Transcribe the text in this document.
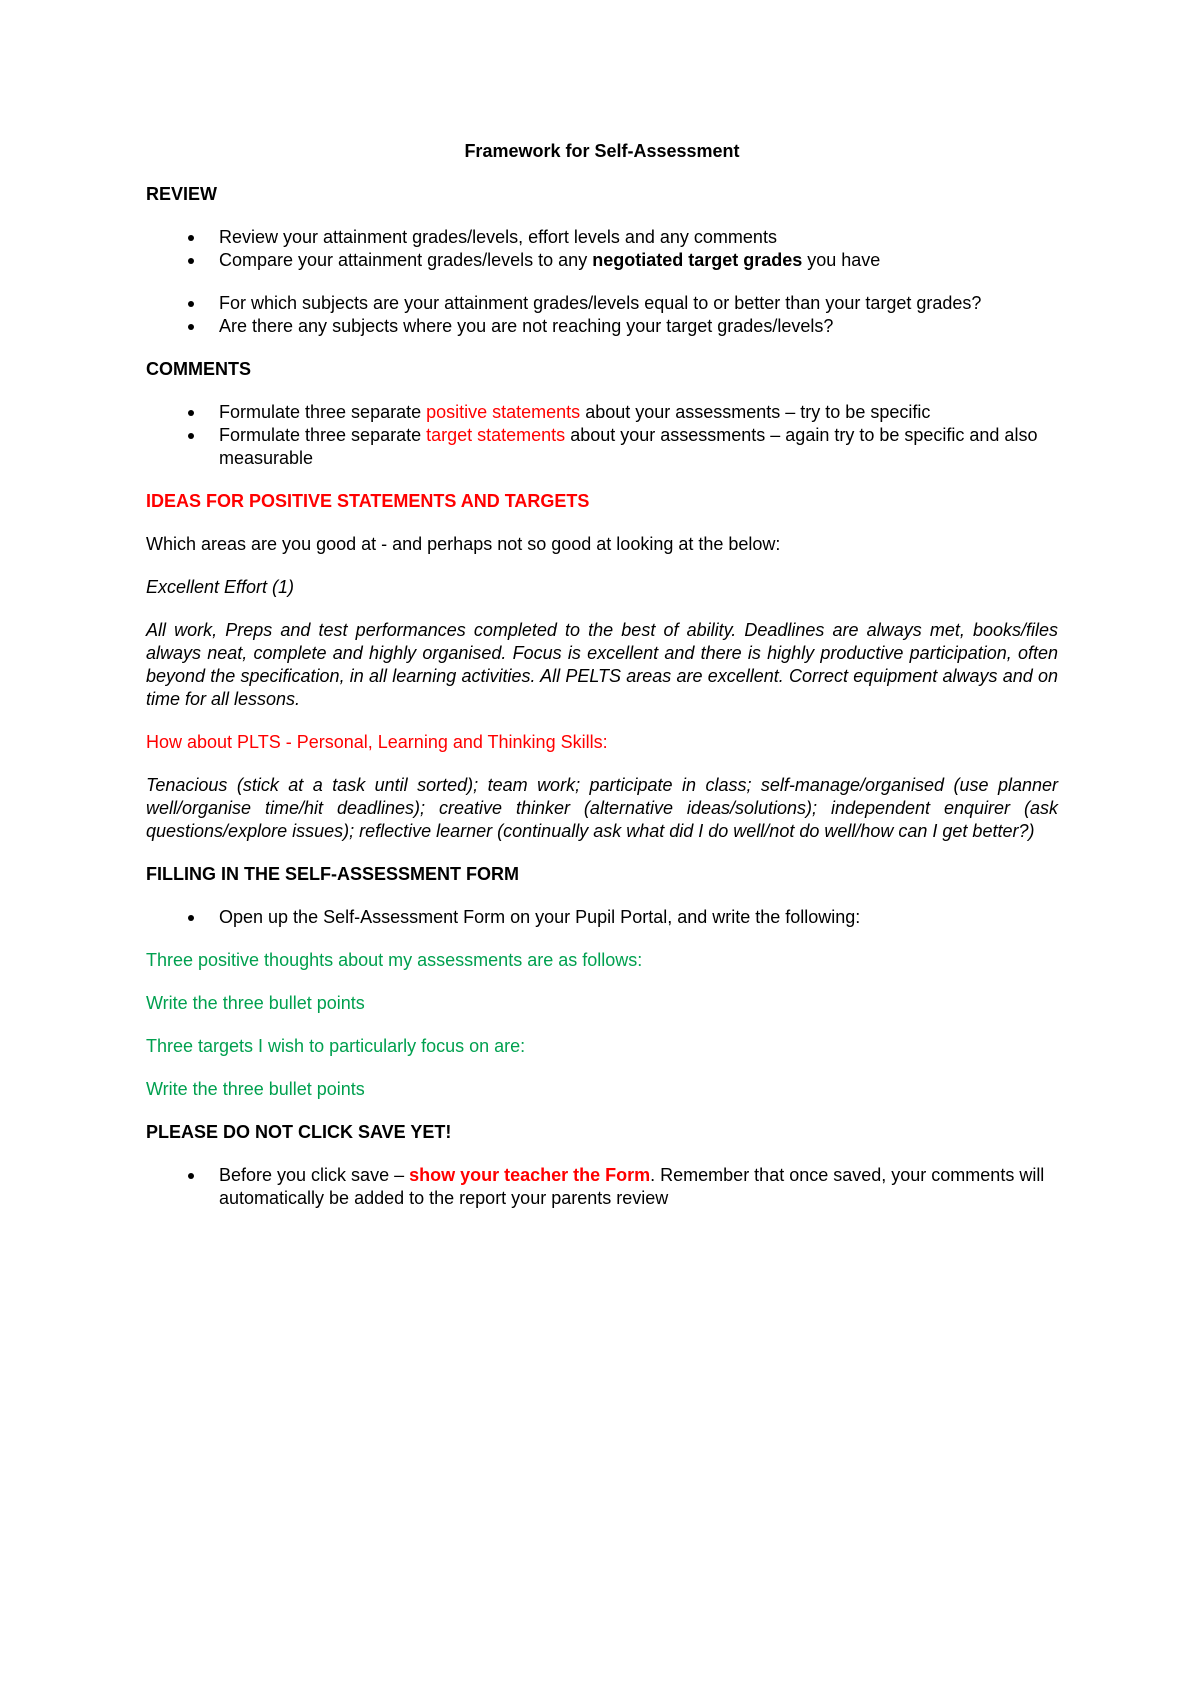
Framework for Self-Assessment
REVIEW
Review your attainment grades/levels, effort levels and any comments
Compare your attainment grades/levels to any negotiated target grades you have
For which subjects are your attainment grades/levels equal to or better than your target grades?
Are there any subjects where you are not reaching your target grades/levels?
COMMENTS
Formulate three separate positive statements about your assessments – try to be specific
Formulate three separate target statements about your assessments – again try to be specific and also measurable
IDEAS FOR POSITIVE STATEMENTS AND TARGETS
Which areas are you good at - and perhaps not so good at looking at the below:
Excellent Effort (1)
All work, Preps and test performances completed to the best of ability. Deadlines are always met, books/files always neat, complete and highly organised. Focus is excellent and there is highly productive participation, often beyond the specification, in all learning activities. All PELTS areas are excellent. Correct equipment always and on time for all lessons.
How about PLTS - Personal, Learning and Thinking Skills:
Tenacious (stick at a task until sorted); team work; participate in class; self-manage/organised (use planner well/organise time/hit deadlines); creative thinker (alternative ideas/solutions); independent enquirer (ask questions/explore issues); reflective learner (continually ask what did I do well/not do well/how can I get better?)
FILLING IN THE SELF-ASSESSMENT FORM
Open up the Self-Assessment Form on your Pupil Portal, and write the following:
Three positive thoughts about my assessments are as follows:
Write the three bullet points
Three targets I wish to particularly focus on are:
Write the three bullet points
PLEASE DO NOT CLICK SAVE YET!
Before you click save – show your teacher the Form. Remember that once saved, your comments will automatically be added to the report your parents review
